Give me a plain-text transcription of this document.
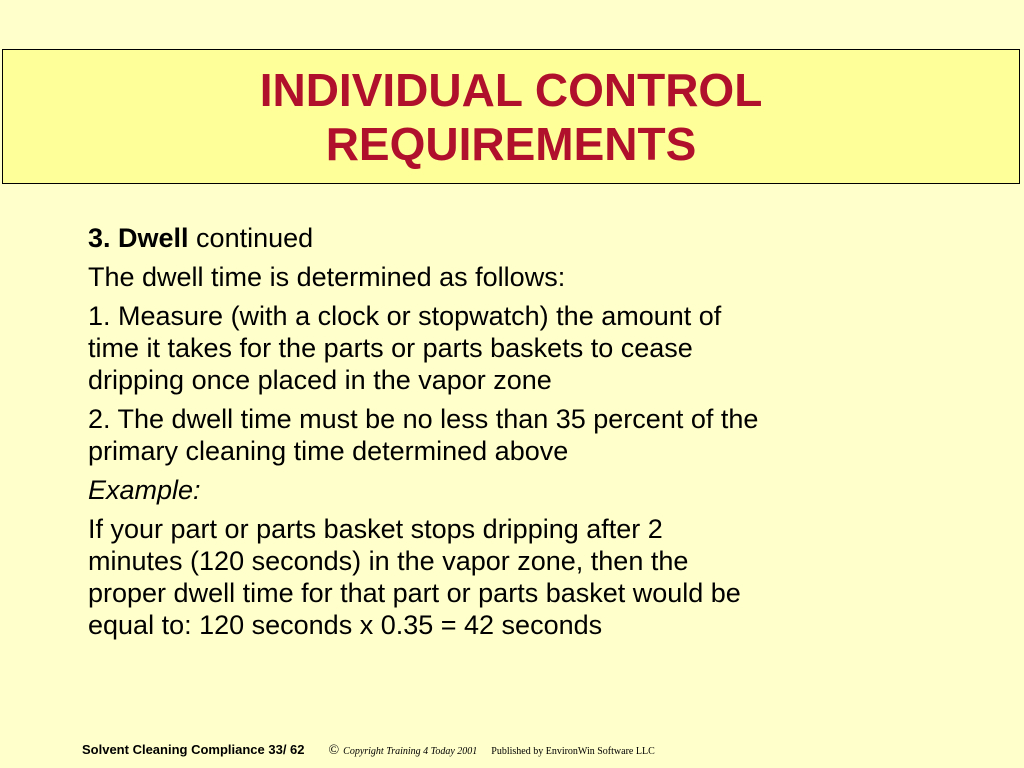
INDIVIDUAL CONTROL
REQUIREMENTS

3. Dwell continued

The dwell time is determined as follows:

1. Measure (with a clock or stopwatch) the amount of
time it takes for the parts or parts baskets to cease
dripping once placed in the vapor zone

2. The dwell time must be no less than 35 percent of the
primary cleaning time determined above

Example:

If your part or parts basket stops dripping after 2
minutes (120 seconds) in the vapor zone, then the
proper dwell time for that part or parts basket would be
equal to: 120 seconds x 0.35 = 42 seconds

Solvent Cleaning Compliance 33/ 62 © Copyright Training 4 Today 2001 Published by EnvironWin Software LLC
